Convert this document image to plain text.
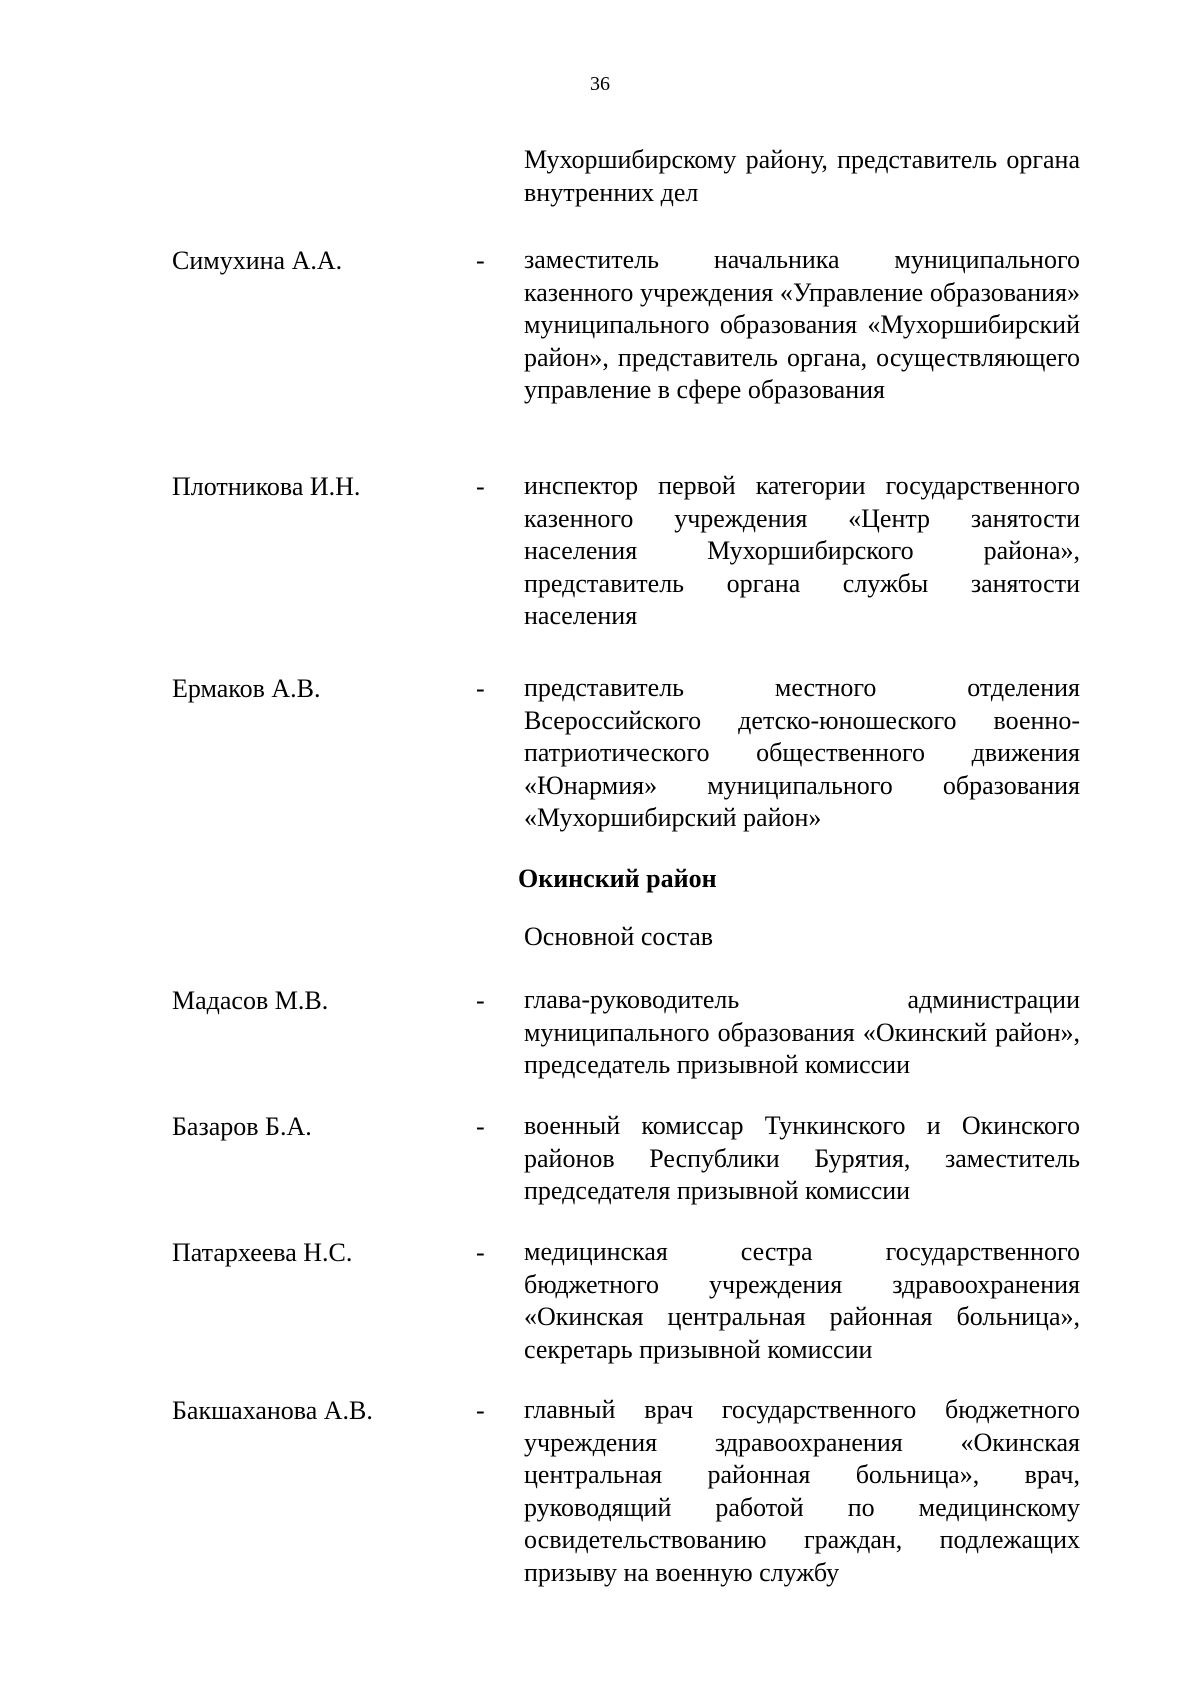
36
Мухоршибирскому району, представитель органа внутренних дел
Симухина А.А.	- заместитель начальника муниципального казенного учреждения «Управление образования» муниципального образования «Мухоршибирский район», представитель органа, осуществляющего управление в сфере образования
Плотникова И.Н.	- инспектор первой категории государственного казенного учреждения «Центр занятости населения Мухоршибирского района», представитель органа службы занятости населения
Ермаков А.В.	- представитель местного отделения Всероссийского детско-юношеского военно-патриотического общественного движения «Юнармия» муниципального образования «Мухоршибирский район»
Окинский район
Основной состав
Мадасов М.В.	- глава-руководитель администрации муниципального образования «Окинский район», председатель призывной комиссии
Базаров Б.А.	- военный комиссар Тункинского и Окинского районов Республики Бурятия, заместитель председателя призывной комиссии
Патархеева Н.С.	- медицинская сестра государственного бюджетного учреждения здравоохранения «Окинская центральная районная больница», секретарь призывной комиссии
Бакшаханова А.В.	- главный врач государственного бюджетного учреждения здравоохранения «Окинская центральная районная больница», врач, руководящий работой по медицинскому освидетельствованию граждан, подлежащих призыву на военную службу
